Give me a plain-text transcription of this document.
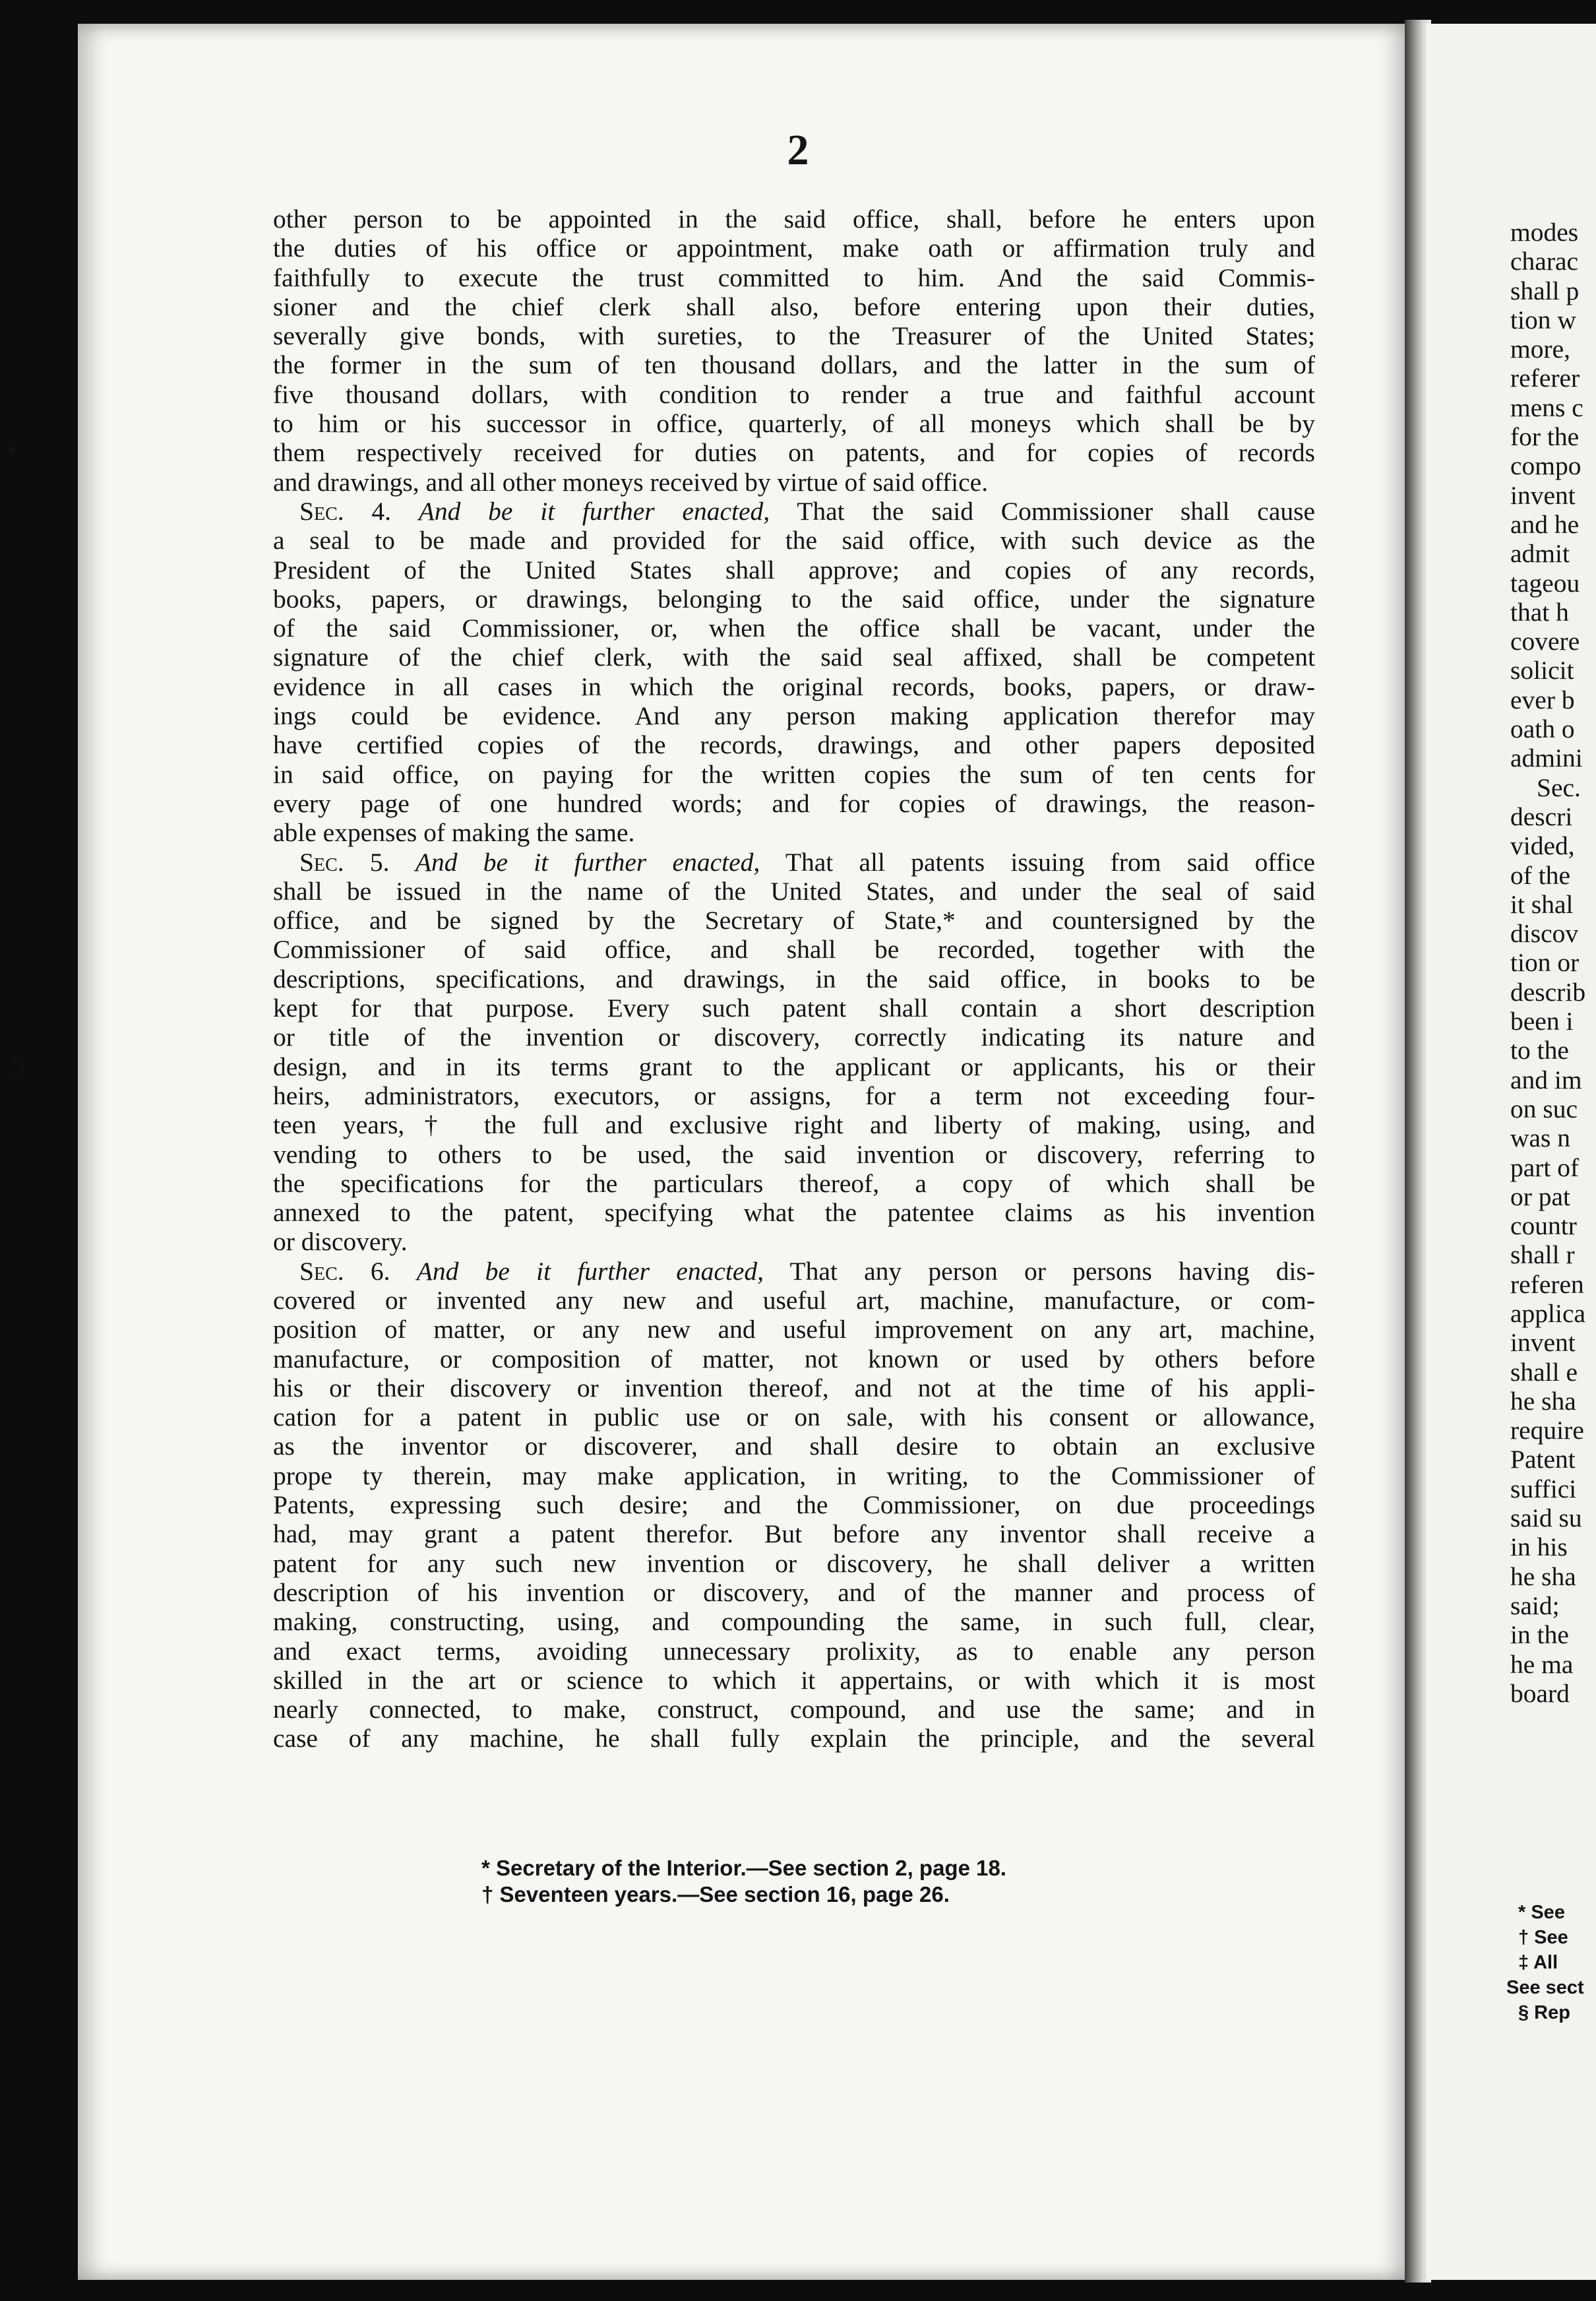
2
other person to be appointed in the said office, shall, before he enters upon
the duties of his office or appointment, make oath or affirmation truly and
faithfully to execute the trust committed to him. And the said Commis-
sioner and the chief clerk shall also, before entering upon their duties,
severally give bonds, with sureties, to the Treasurer of the United States;
the former in the sum of ten thousand dollars, and the latter in the sum of
five thousand dollars, with condition to render a true and faithful account
to him or his successor in office, quarterly, of all moneys which shall be by
them respectively received for duties on patents, and for copies of records
and drawings, and all other moneys received by virtue of said office.
Sec. 4. And be it further enacted, That the said Commissioner shall cause
a seal to be made and provided for the said office, with such device as the
President of the United States shall approve; and copies of any records,
books, papers, or drawings, belonging to the said office, under the signature
of the said Commissioner, or, when the office shall be vacant, under the
signature of the chief clerk, with the said seal affixed, shall be competent
evidence in all cases in which the original records, books, papers, or draw-
ings could be evidence. And any person making application therefor may
have certified copies of the records, drawings, and other papers deposited
in said office, on paying for the written copies the sum of ten cents for
every page of one hundred words; and for copies of drawings, the reason-
able expenses of making the same.
Sec. 5. And be it further enacted, That all patents issuing from said office
shall be issued in the name of the United States, and under the seal of said
office, and be signed by the Secretary of State,* and countersigned by the
Commissioner of said office, and shall be recorded, together with the
descriptions, specifications, and drawings, in the said office, in books to be
kept for that purpose. Every such patent shall contain a short description
or title of the invention or discovery, correctly indicating its nature and
design, and in its terms grant to the applicant or applicants, his or their
heirs, administrators, executors, or assigns, for a term not exceeding four-
teen years,† the full and exclusive right and liberty of making, using, and
vending to others to be used, the said invention or discovery, referring to
the specifications for the particulars thereof, a copy of which shall be
annexed to the patent, specifying what the patentee claims as his invention
or discovery.
Sec. 6. And be it further enacted, That any person or persons having dis-
covered or invented any new and useful art, machine, manufacture, or com-
position of matter, or any new and useful improvement on any art, machine,
manufacture, or composition of matter, not known or used by others before
his or their discovery or invention thereof, and not at the time of his appli-
cation for a patent in public use or on sale, with his consent or allowance,
as the inventor or discoverer, and shall desire to obtain an exclusive
prope ty therein, may make application, in writing, to the Commissioner of
Patents, expressing such desire; and the Commissioner, on due proceedings
had, may grant a patent therefor. But before any inventor shall receive a
patent for any such new invention or discovery, he shall deliver a written
description of his invention or discovery, and of the manner and process of
making, constructing, using, and compounding the same, in such full, clear,
and exact terms, avoiding unnecessary prolixity, as to enable any person
skilled in the art or science to which it appertains, or with which it is most
nearly connected, to make, construct, compound, and use the same; and in
case of any machine, he shall fully explain the principle, and the several
* Secretary of the Interior.—See section 2, page 18.
† Seventeen years.—See section 16, page 26.
modes
charac
shall p
tion w
more,
referer
mens c
for the
compo
invent
and he
admit
tageou
that h
covere
solicit
ever b
oath o
admini
Sec.
descri
vided,
of the
it shal
discov
tion or
describ
been i
to the
and im
on suc
was n
part of
or pat
countr
shall r
referen
applica
invent
shall e
he sha
require
Patent
suffici
said su
in his
he sha
said;
in the
he ma
board
* See
† See
‡ All
See sect
§ Rep
